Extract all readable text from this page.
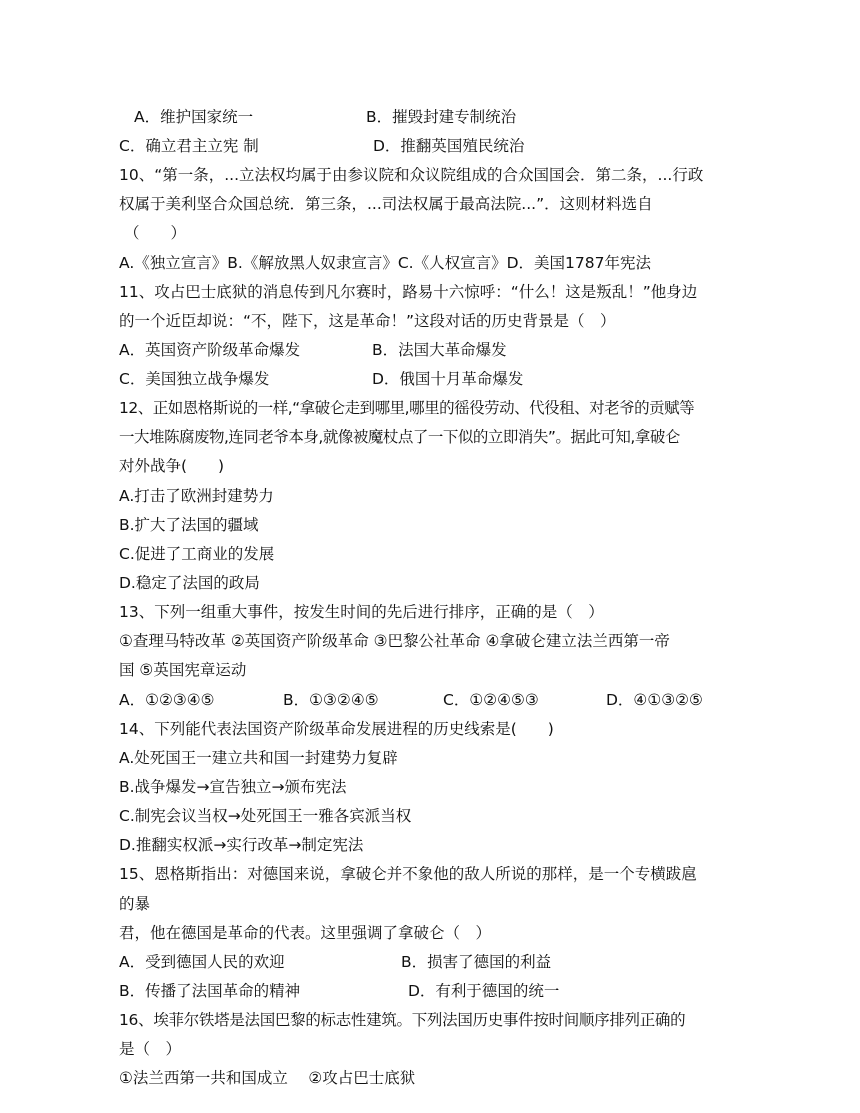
A．维护国家统一	B．摧毁封建专制统治
C．确立君主立宪 制	D．推翻英国殖民统治
10、“第一条，...立法权均属于由参议院和众议院组成的合众国国会．第二条，...行政
权属于美利坚合众国总统．第三条，...司法权属于最高法院...”．这则材料选自
（　　）
A.《独立宣言》B.《解放黑人奴隶宣言》C.《人权宣言》D．美国1787年宪法
11、攻占巴士底狱的消息传到凡尔赛时，路易十六惊呼：“什么！这是叛乱！”他身边
的一个近臣却说：“不，陛下，这是革命！”这段对话的历史背景是（　）
A．英国资产阶级革命爆发	B．法国大革命爆发
C．美国独立战争爆发	D．俄国十月革命爆发
12、正如恩格斯说的一样,“拿破仑走到哪里,哪里的徭役劳动、代役租、对老爷的贡赋等
一大堆陈腐废物,连同老爷本身,就像被魔杖点了一下似的立即消失”。据此可知,拿破仑
对外战争(　　)
A.打击了欧洲封建势力
B.扩大了法国的疆域
C.促进了工商业的发展
D.稳定了法国的政局
13、下列一组重大事件，按发生时间的先后进行排序，正确的是（　）
①查理马特改革 ②英国资产阶级革命 ③巴黎公社革命 ④拿破仑建立法兰西第一帝
国 ⑤英国宪章运动
A．①②③④⑤	B．①③②④⑤	C．①②④⑤③	D．④①③②⑤
14、下列能代表法国资产阶级革命发展进程的历史线索是(　　)
A.处死国王一建立共和国一封建势力复辟
B.战争爆发→宣告独立→颁布宪法
C.制宪会议当权→处死国王一雅各宾派当权
D.推翻实权派→实行改革→制定宪法
15、恩格斯指出：对德国来说，拿破仑并不象他的敌人所说的那样，是一个专横跋扈
的暴
君，他在德国是革命的代表。这里强调了拿破仑（　）
A．受到德国人民的欢迎	B．损害了德国的利益
B．传播了法国革命的精神	D．有利于德国的统一
16、埃菲尔铁塔是法国巴黎的标志性建筑。下列法国历史事件按时间顺序排列正确的
是（　）
①法兰西第一共和国成立　 ②攻占巴士底狱
